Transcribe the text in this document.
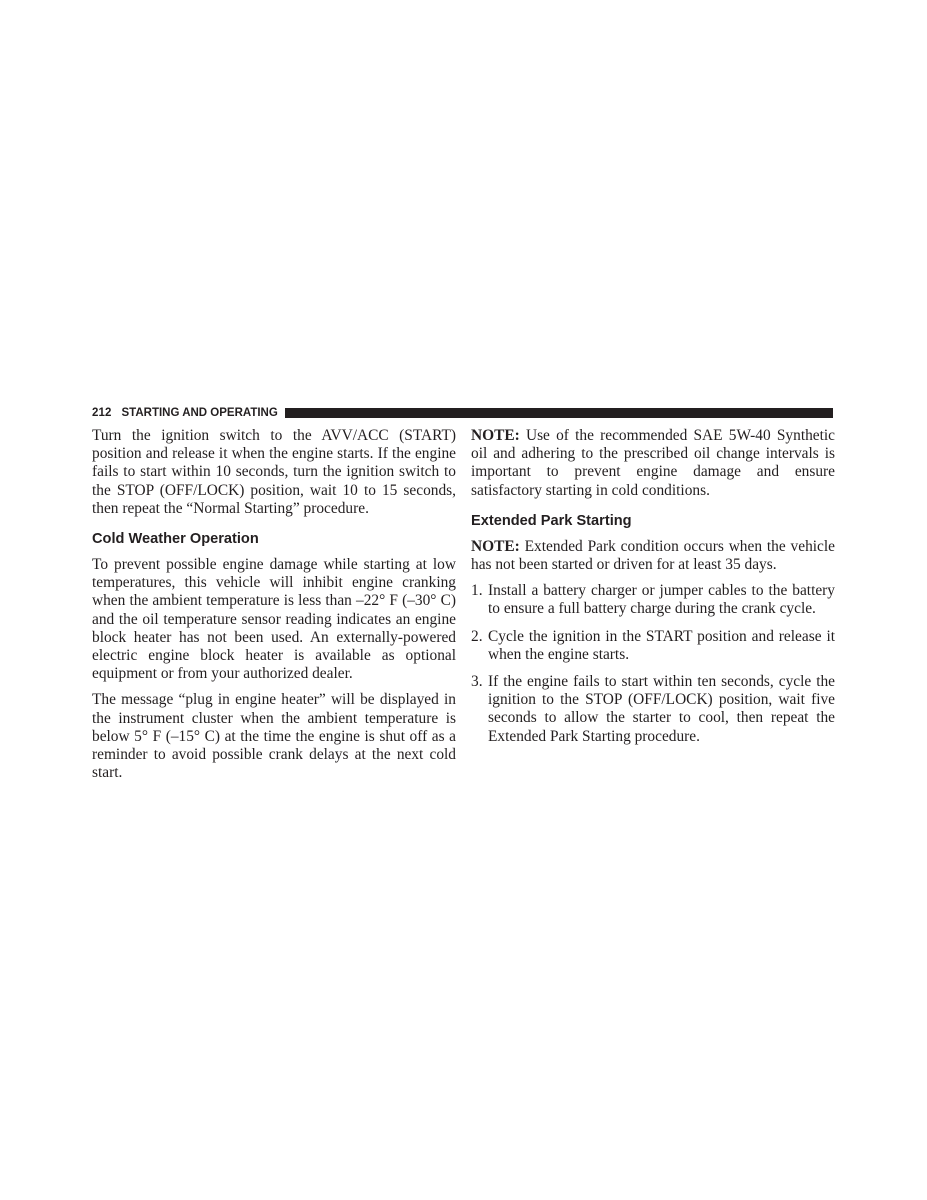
212 STARTING AND OPERATING

Turn the ignition switch to the AVV/ACC (START) position and release it when the engine starts. If the engine fails to start within 10 seconds, turn the ignition switch to the STOP (OFF/LOCK) position, wait 10 to 15 seconds, then repeat the “Normal Starting” procedure.

Cold Weather Operation

To prevent possible engine damage while starting at low temperatures, this vehicle will inhibit engine cranking when the ambient temperature is less than –22° F (–30° C) and the oil temperature sensor reading indicates an engine block heater has not been used. An externally-powered electric engine block heater is available as optional equipment or from your authorized dealer.

The message “plug in engine heater” will be displayed in the instrument cluster when the ambient temperature is below 5° F (–15° C) at the time the engine is shut off as a reminder to avoid possible crank delays at the next cold start.

NOTE: Use of the recommended SAE 5W-40 Synthetic oil and adhering to the prescribed oil change intervals is important to prevent engine damage and ensure satisfactory starting in cold conditions.

Extended Park Starting

NOTE: Extended Park condition occurs when the vehicle has not been started or driven for at least 35 days.

1. Install a battery charger or jumper cables to the battery to ensure a full battery charge during the crank cycle.
2. Cycle the ignition in the START position and release it when the engine starts.
3. If the engine fails to start within ten seconds, cycle the ignition to the STOP (OFF/LOCK) position, wait five seconds to allow the starter to cool, then repeat the Extended Park Starting procedure.
